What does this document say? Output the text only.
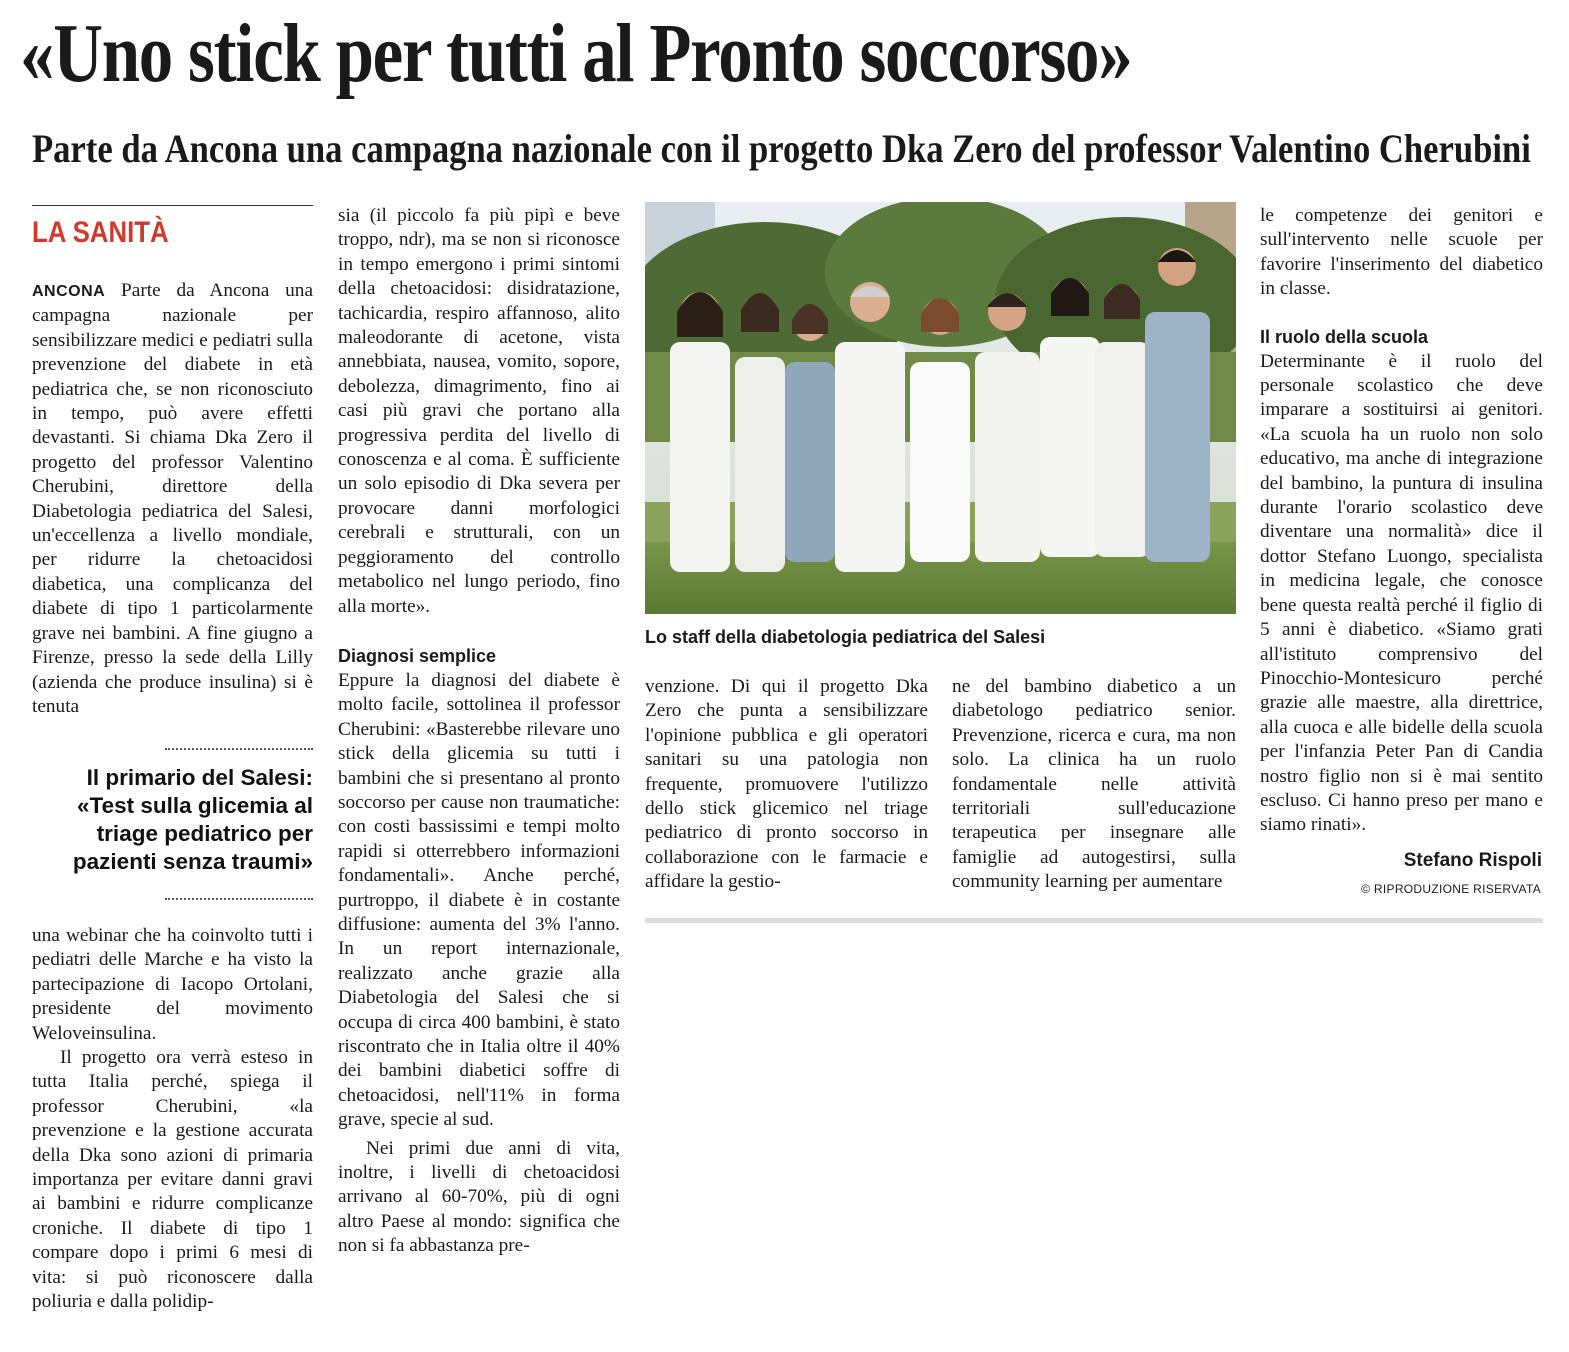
«Uno stick per tutti al Pronto soccorso»
Parte da Ancona una campagna nazionale con il progetto Dka Zero del professor Valentino Cherubini
LA SANITÀ

ANCONA Parte da Ancona una campagna nazionale per sensibilizzare medici e pediatri sulla prevenzione del diabete in età pediatrica che, se non riconosciuto in tempo, può avere effetti devastanti. Si chiama Dka Zero il progetto del professor Valentino Cherubini, direttore della Diabetologia pediatrica del Salesi, un'eccellenza a livello mondiale, per ridurre la chetoacidosi diabetica, una complicanza del diabete di tipo 1 particolarmente grave nei bambini. A fine giugno a Firenze, presso la sede della Lilly (azienda che produce insulina) si è tenuta

Il primario del Salesi: «Test sulla glicemia al triage pediatrico per pazienti senza traumi»

una webinar che ha coinvolto tutti i pediatri delle Marche e ha visto la partecipazione di Iacopo Ortolani, presidente del movimento Weloveinsulina.

Il progetto ora verrà esteso in tutta Italia perché, spiega il professor Cherubini, «la prevenzione e la gestione accurata della Dka sono azioni di primaria importanza per evitare danni gravi ai bambini e ridurre complicanze croniche. Il diabete di tipo 1 compare dopo i primi 6 mesi di vita: si può riconoscere dalla poliuria e dalla polidip-

sia (il piccolo fa più pipì e beve troppo, ndr), ma se non si riconosce in tempo emergono i primi sintomi della chetoacidosi: disidratazione, tachicardia, respiro affannoso, alito maleodorante di acetone, vista annebbiata, nausea, vomito, sopore, debolezza, dimagrimento, fino ai casi più gravi che portano alla progressiva perdita del livello di conoscenza e al coma. È sufficiente un solo episodio di Dka severa per provocare danni morfologici cerebrali e strutturali, con un peggioramento del controllo metabolico nel lungo periodo, fino alla morte».

Diagnosi semplice

Eppure la diagnosi del diabete è molto facile, sottolinea il professor Cherubini: «Basterebbe rilevare uno stick della glicemia su tutti i bambini che si presentano al pronto soccorso per cause non traumatiche: con costi bassissimi e tempi molto rapidi si otterrebbero informazioni fondamentali». Anche perché, purtroppo, il diabete è in costante diffusione: aumenta del 3% l'anno. In un report internazionale, realizzato anche grazie alla Diabetologia del Salesi che si occupa di circa 400 bambini, è stato riscontrato che in Italia oltre il 40% dei bambini diabetici soffre di chetoacidosi, nell'11% in forma grave, specie al sud.

Nei primi due anni di vita, inoltre, i livelli di chetoacidosi arrivano al 60-70%, più di ogni altro Paese al mondo: significa che non si fa abbastanza pre-

Lo staff della diabetologia pediatrica del Salesi

venzione. Di qui il progetto Dka Zero che punta a sensibilizzare l'opinione pubblica e gli operatori sanitari su una patologia non frequente, promuovere l'utilizzo dello stick glicemico nel triage pediatrico di pronto soccorso in collaborazione con le farmacie e affidare la gestio-

ne del bambino diabetico a un diabetologo pediatrico senior. Prevenzione, ricerca e cura, ma non solo. La clinica ha un ruolo fondamentale nelle attività territoriali sull'educazione terapeutica per insegnare alle famiglie ad autogestirsi, sulla community learning per aumentare

le competenze dei genitori e sull'intervento nelle scuole per favorire l'inserimento del diabetico in classe.

Il ruolo della scuola

Determinante è il ruolo del personale scolastico che deve imparare a sostituirsi ai genitori. «La scuola ha un ruolo non solo educativo, ma anche di integrazione del bambino, la puntura di insulina durante l'orario scolastico deve diventare una normalità» dice il dottor Stefano Luongo, specialista in medicina legale, che conosce bene questa realtà perché il figlio di 5 anni è diabetico. «Siamo grati all'istituto comprensivo del Pinocchio-Montesicuro perché grazie alle maestre, alla direttrice, alla cuoca e alle bidelle della scuola per l'infanzia Peter Pan di Candia nostro figlio non si è mai sentito escluso. Ci hanno preso per mano e siamo rinati».

Stefano Rispoli

© RIPRODUZIONE RISERVATA
